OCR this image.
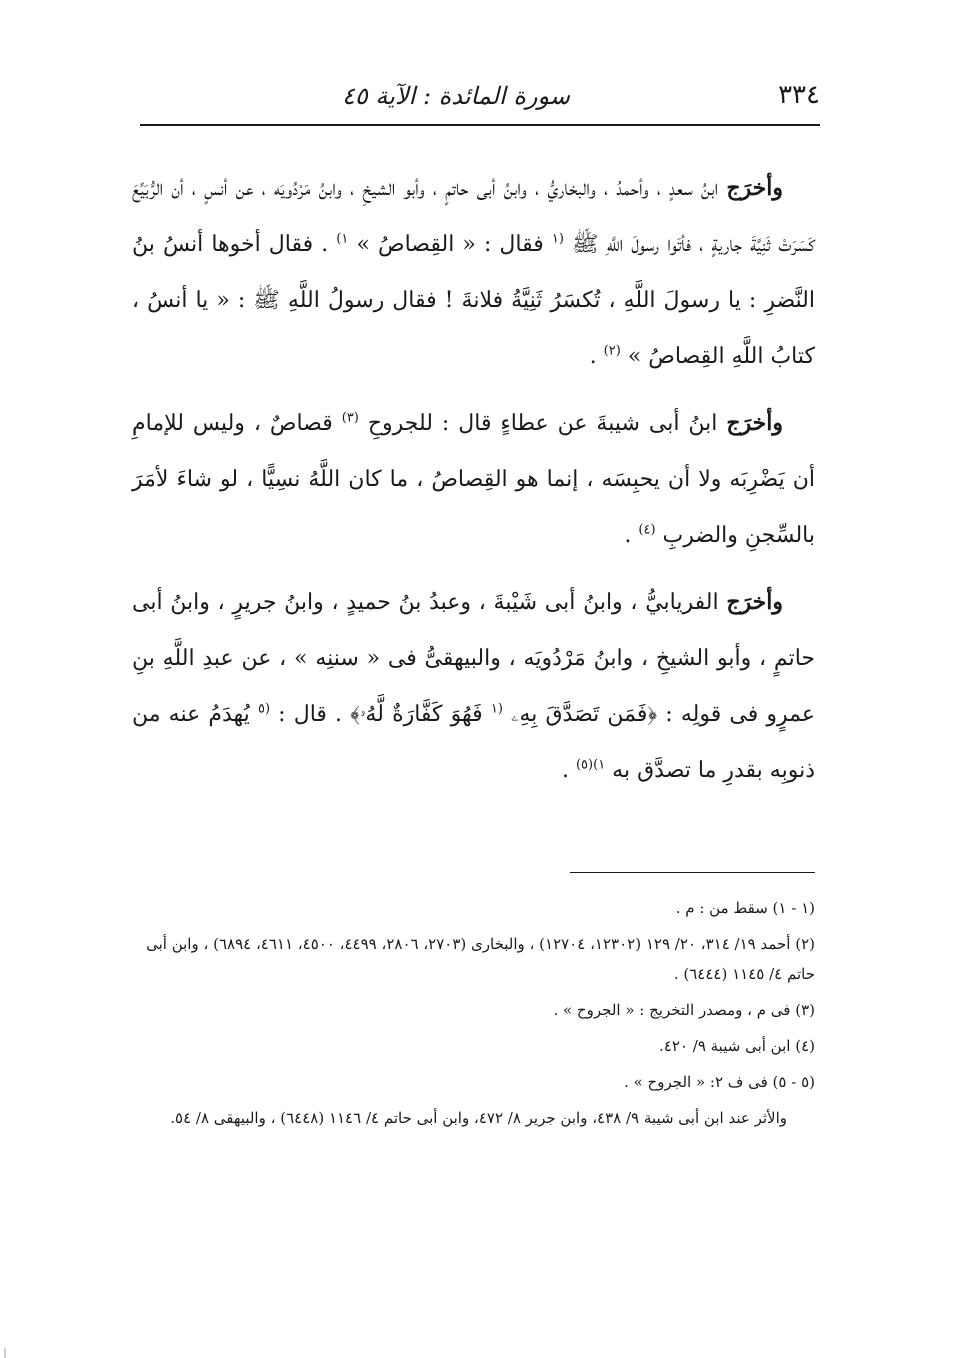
٣٣٤
سورة المائدة : الآية ٤٥

وأخرَج ابنُ سعدٍ ، وأحمدُ ، والبخاريُّ ، وابنُ أبى حاتمٍ ، وأبو الشيخِ ، وابنُ مَرْدُويَه ، عن أنسٍ ، أن الرُّبَيِّعَ كَسَرَتْ ثَنِيَّةَ جاريةٍ ، فأتَوا رسولَ اللَّهِ ﷺ $^{(١}$ فقال : « القِصاصُ » $^{١)}$ . فقال أخوها أنسُ بنُ النَّضرِ : يا رسولَ اللَّهِ ، تُكسَرُ ثَنِيَّةُ فلانةَ ! فقال رسولُ اللَّهِ ﷺ : « يا أنسُ ، كتابُ اللَّهِ القِصاصُ » $^{(٢)}$ .

وأخرَج ابنُ أبى شيبةَ عن عطاءٍ قال : للجروحِ $^{(٣)}$ قصاصٌ ، وليس للإمامِ أن يَضْرِبَه ولا أن يحبِسَه ، إنما هو القِصاصُ ، ما كان اللَّهُ نسِيًّا ، لو شاءَ لأمَرَ بالسِّجنِ والضربِ $^{(٤)}$ .

وأخرَج الفريابيُّ ، وابنُ أبى شَيْبةَ ، وعبدُ بنُ حميدٍ ، وابنُ جريرٍ ، وابنُ أبى حاتمٍ ، وأبو الشيخِ ، وابنُ مَرْدُويَه ، والبيهقىُّ فى « سننِه » ، عن عبدِ اللَّهِ بنِ عمرٍو فى قولِه : ﴿فَمَن تَصَدَّقَ بِهِۦ $^{(١}$ فَهُوَ كَفَّارَةٌ لَّهُۥ﴾ . قال : $^{(٥}$ يُهدَمُ عنه من ذنوبِه بقدرِ ما تصدَّق به $^{١)(٥)}$ .

(١ - ١) سقط من : م .

(٢) أحمد ١٩/ ٣١٤، ٢٠/ ١٢٩ (١٢٣٠٢، ١٢٧٠٤) ، والبخارى (٢٧٠٣، ٢٨٠٦، ٤٤٩٩، ٤٥٠٠، ٤٦١١، ٦٨٩٤) ، وابن أبى حاتم ٤/ ١١٤٥ (٦٤٤٤) .

(٣) فى م ، ومصدر التخريج : « الجروح » .

(٤) ابن أبى شيبة ٩/ ٤٢٠.

(٥ - ٥) فى ف ٢: « الجروح » .

والأثر عند ابن أبى شيبة ٩/ ٤٣٨، وابن جرير ٨/ ٤٧٢، وابن أبى حاتم ٤/ ١١٤٦ (٦٤٤٨) ، والبيهقى ٨/ ٥٤.
